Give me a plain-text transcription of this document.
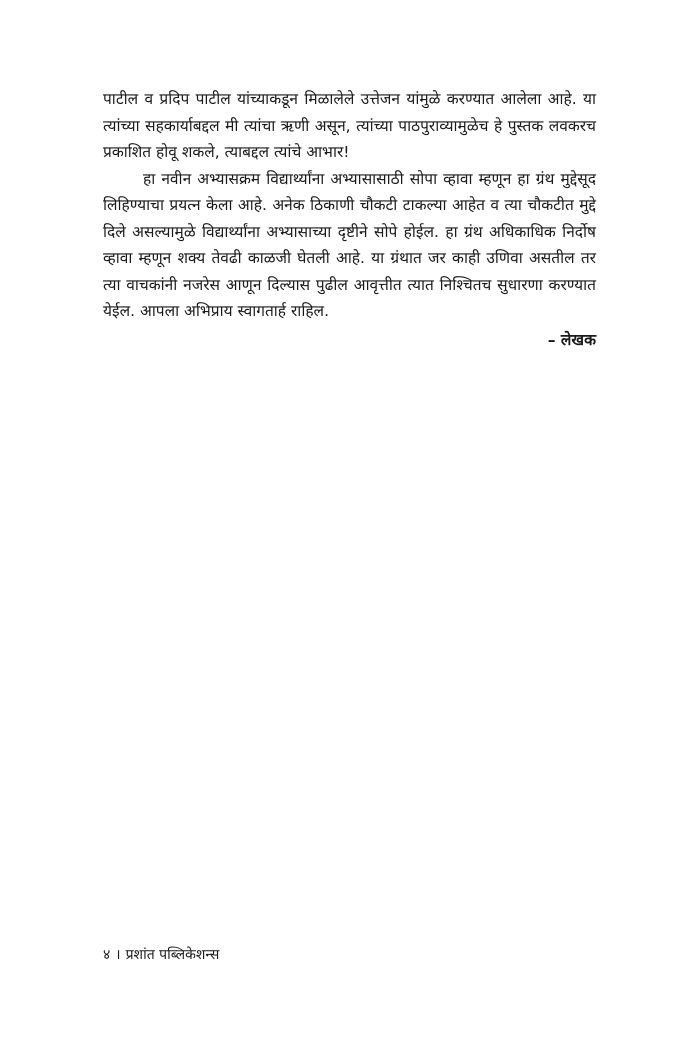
पाटील व प्रदिप पाटील यांच्याकडून मिळालेले उत्तेजन यांमुळे करण्यात आलेला आहे. या त्यांच्या सहकार्याबद्दल मी त्यांचा ऋणी असून, त्यांच्या पाठपुराव्यामुळेच हे पुस्तक लवकरच प्रकाशित होवू शकले, त्याबद्दल त्यांचे आभार!

हा नवीन अभ्यासक्रम विद्यार्थ्यांना अभ्यासासाठी सोपा व्हावा म्हणून हा ग्रंथ मुद्देसूद लिहिण्याचा प्रयत्न केला आहे. अनेक ठिकाणी चौकटी टाकल्या आहेत व त्या चौकटीत मुद्दे दिले असल्यामुळे विद्यार्थ्यांना अभ्यासाच्या दृष्टीने सोपे होईल. हा ग्रंथ अधिकाधिक निर्दोष व्हावा म्हणून शक्य तेवढी काळजी घेतली आहे. या ग्रंथात जर काही उणिवा असतील तर त्या वाचकांनी नजरेस आणून दिल्यास पुढील आवृत्तीत त्यात निश्चितच सुधारणा करण्यात येईल. आपला अभिप्राय स्वागतार्ह राहिल.

– लेखक

४ । प्रशांत पब्लिकेशन्स
